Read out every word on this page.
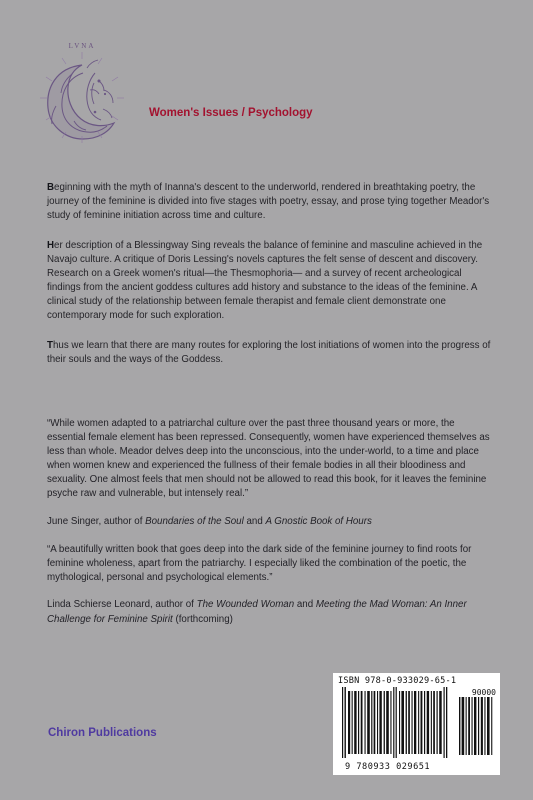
LVNA
Women's Issues / Psychology

Beginning with the myth of Inanna's descent to the underworld, rendered in breathtaking poetry, the journey of the feminine is divided into five stages with poetry, essay, and prose tying together Meador's study of feminine initiation across time and culture.

Her description of a Blessingway Sing reveals the balance of feminine and masculine achieved in the Navajo culture. A critique of Doris Lessing's novels captures the felt sense of descent and discovery. Research on a Greek women's ritual—the Thesmophoria— and a survey of recent archeological findings from the ancient goddess cultures add history and substance to the ideas of the feminine. A clinical study of the relationship between female therapist and female client demonstrate one contemporary mode for such exploration.

Thus we learn that there are many routes for exploring the lost initiations of women into the progress of their souls and the ways of the Goddess.

“While women adapted to a patriarchal culture over the past three thousand years or more, the essential female element has been repressed. Consequently, women have experienced themselves as less than whole. Meador delves deep into the unconscious, into the under-world, to a time and place when women knew and experienced the fullness of their female bodies in all their bloodiness and sexuality. One almost feels that men should not be allowed to read this book, for it leaves the feminine psyche raw and vulnerable, but intensely real.”

June Singer, author of Boundaries of the Soul and A Gnostic Book of Hours

“A beautifully written book that goes deep into the dark side of the feminine journey to find roots for feminine wholeness, apart from the patriarchy. I especially liked the combination of the poetic, the mythological, personal and psychological elements.”

Linda Schierse Leonard, author of The Wounded Woman and Meeting the Mad Woman: An Inner Challenge for Feminine Spirit (forthcoming)

Chiron Publications
ISBN 978-0-933029-65-1
90000
9 780933 029651
